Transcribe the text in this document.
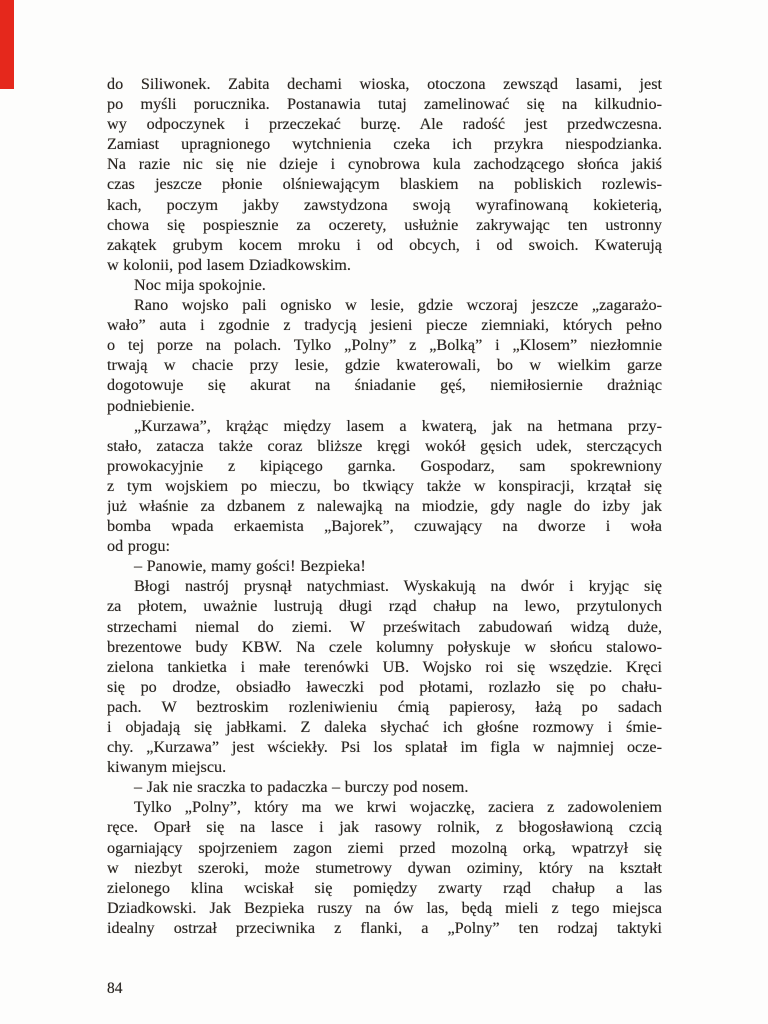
do Siliwonek. Zabita dechami wioska, otoczona zewsząd lasami, jest
po myśli porucznika. Postanawia tutaj zamelinować się na kilkudnio-
wy odpoczynek i przeczekać burzę. Ale radość jest przedwczesna.
Zamiast upragnionego wytchnienia czeka ich przykra niespodzianka.
Na razie nic się nie dzieje i cynobrowa kula zachodzącego słońca jakiś
czas jeszcze płonie olśniewającym blaskiem na pobliskich rozlewis-
kach, poczym jakby zawstydzona swoją wyrafinowaną kokieterią,
chowa się pospiesznie za oczerety, usłużnie zakrywając ten ustronny
zakątek grubym kocem mroku i od obcych, i od swoich. Kwaterują
w kolonii, pod lasem Dziadkowskim.
Noc mija spokojnie.
Rano wojsko pali ognisko w lesie, gdzie wczoraj jeszcze „zagarażo-
wało” auta i zgodnie z tradycją jesieni piecze ziemniaki, których pełno
o tej porze na polach. Tylko „Polny” z „Bolką” i „Klosem” niezłomnie
trwają w chacie przy lesie, gdzie kwaterowali, bo w wielkim garze
dogotowuje się akurat na śniadanie gęś, niemiłosiernie drażniąc
podniebienie.
„Kurzawa”, krążąc między lasem a kwaterą, jak na hetmana przy-
stało, zatacza także coraz bliższe kręgi wokół gęsich udek, sterczących
prowokacyjnie z kipiącego garnka. Gospodarz, sam spokrewniony
z tym wojskiem po mieczu, bo tkwiący także w konspiracji, krzątał się
już właśnie za dzbanem z nalewajką na miodzie, gdy nagle do izby jak
bomba wpada erkaemista „Bajorek”, czuwający na dworze i woła
od progu:
– Panowie, mamy gości! Bezpieka!
Błogi nastrój prysnął natychmiast. Wyskakują na dwór i kryjąc się
za płotem, uważnie lustrują długi rząd chałup na lewo, przytulonych
strzechami niemal do ziemi. W prześwitach zabudowań widzą duże,
brezentowe budy KBW. Na czele kolumny połyskuje w słońcu stalowo-
zielona tankietka i małe terenówki UB. Wojsko roi się wszędzie. Kręci
się po drodze, obsiadło ławeczki pod płotami, rozlazło się po chału-
pach. W beztroskim rozleniwieniu ćmią papierosy, łażą po sadach
i objadają się jabłkami. Z daleka słychać ich głośne rozmowy i śmie-
chy. „Kurzawa” jest wściekły. Psi los splatał im figla w najmniej ocze-
kiwanym miejscu.
– Jak nie sraczka to padaczka – burczy pod nosem.
Tylko „Polny”, który ma we krwi wojaczkę, zaciera z zadowoleniem
ręce. Oparł się na lasce i jak rasowy rolnik, z błogosławioną czcią
ogarniający spojrzeniem zagon ziemi przed mozolną orką, wpatrzył się
w niezbyt szeroki, może stumetrowy dywan oziminy, który na kształt
zielonego klina wciskał się pomiędzy zwarty rząd chałup a las
Dziadkowski. Jak Bezpieka ruszy na ów las, będą mieli z tego miejsca
idealny ostrzał przeciwnika z flanki, a „Polny” ten rodzaj taktyki
84
